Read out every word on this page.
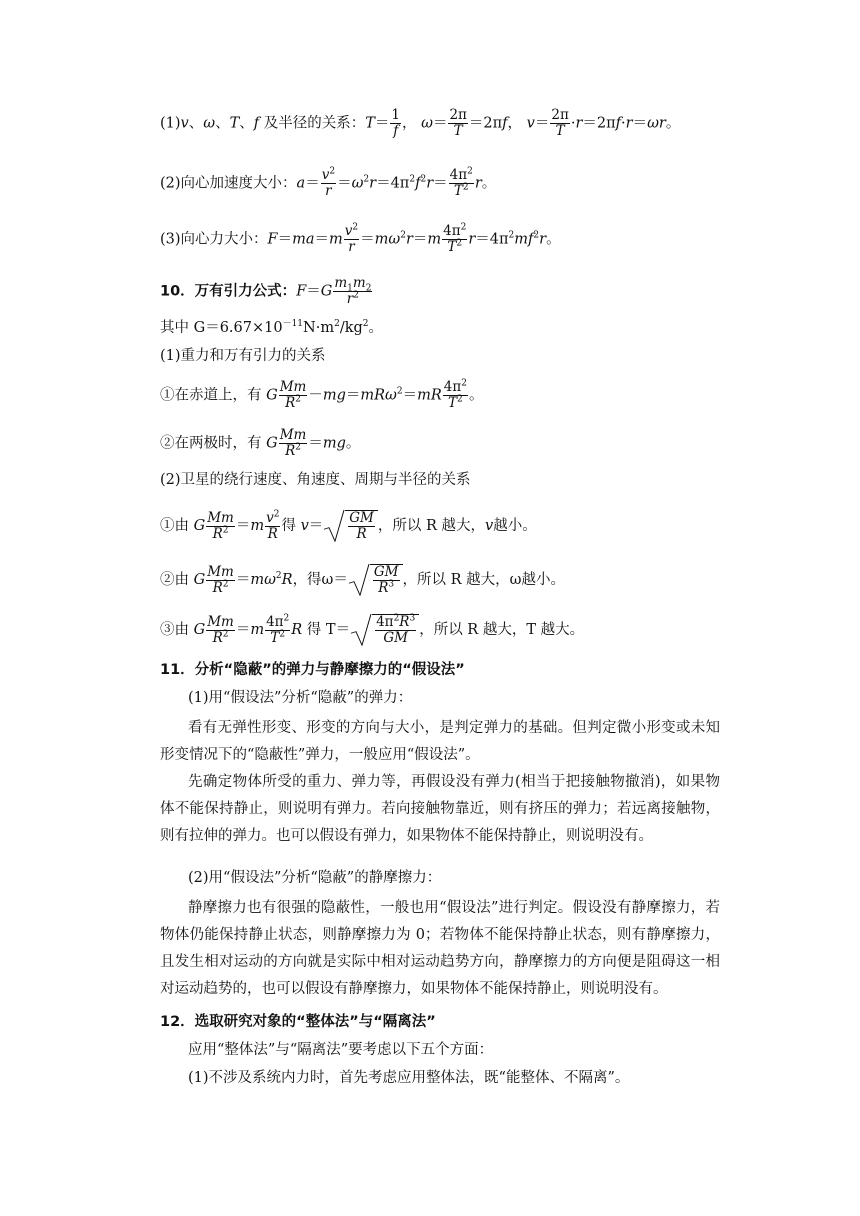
(1)v、ω、T、f 及半径的关系：$T= \frac{1}{f}$ ， $\omega= \frac{2\pi}{T} =2\pi f$， $v= \frac{2\pi}{T} \cdot r=2\pi f\cdot r=\omega r$。
(2)向心加速度大小：$a= \frac{v^2}{r} =\omega^2r=4\pi^2f^2r= \frac{4\pi^2}{T^2}$ r。
(3)向心力大小：$F=ma=m \frac{v^2}{r} =m\omega^2r=m \frac{4\pi^2}{T^2} r=4\pi^2mf^2r$。
10．万有引力公式：$F=G \frac{m_1m_2}{r^2}$
其中 $G=6.67\times 10^{-11}N\cdot m^2/kg^2$。
(1)重力和万有引力的关系
①在赤道上，有 G $\frac{Mm}{R^2} -mg=mR\omega^2=mR \frac{4\pi^2}{T^2}$ 。
②在两极时，有 G $\frac{Mm}{R^2} =mg$。
(2)卫星的绕行速度、角速度、周期与半径的关系
①由 G $\frac{Mm}{R^2} =m \frac{v^2}{R}$ 得 $v= \frac{GM}{R}$ ，所以 R 越大，v越小。
②由 G $\frac{Mm}{R^2} =m\omega^2R$，得$\omega= \frac{GM}{R^3}$ ，所以 R 越大，ω越小。
③由 G $\frac{Mm}{R^2} =m \frac{4\pi^2}{T^2}$ R 得 $T= \frac{4\pi^2R^3}{GM}$ ，所以 R 越大，T 越大。
11．分析“隐蔽”的弹力与静摩擦力的“假设法”
(1)用“假设法”分析“隐蔽”的弹力：
看有无弹性形变、形变的方向与大小，是判定弹力的基础。但判定微小形变或未知形变情况下的“隐蔽性”弹力，一般应用“假设法”。
先确定物体所受的重力、弹力等，再假设没有弹力(相当于把接触物撤消)，如果物体不能保持静止，则说明有弹力。若向接触物靠近，则有挤压的弹力；若远离接触物，则有拉伸的弹力。也可以假设有弹力，如果物体不能保持静止，则说明没有。
(2)用“假设法”分析“隐蔽”的静摩擦力：
静摩擦力也有很强的隐蔽性，一般也用“假设法”进行判定。假设没有静摩擦力，若物体仍能保持静止状态，则静摩擦力为 0；若物体不能保持静止状态，则有静摩擦力，且发生相对运动的方向就是实际中相对运动趋势方向，静摩擦力的方向便是阻碍这一相对运动趋势的，也可以假设有静摩擦力，如果物体不能保持静止，则说明没有。
12．选取研究对象的“整体法”与“隔离法”
应用“整体法”与“隔离法”要考虑以下五个方面：
(1)不涉及系统内力时，首先考虑应用整体法，既“能整体、不隔离”。
